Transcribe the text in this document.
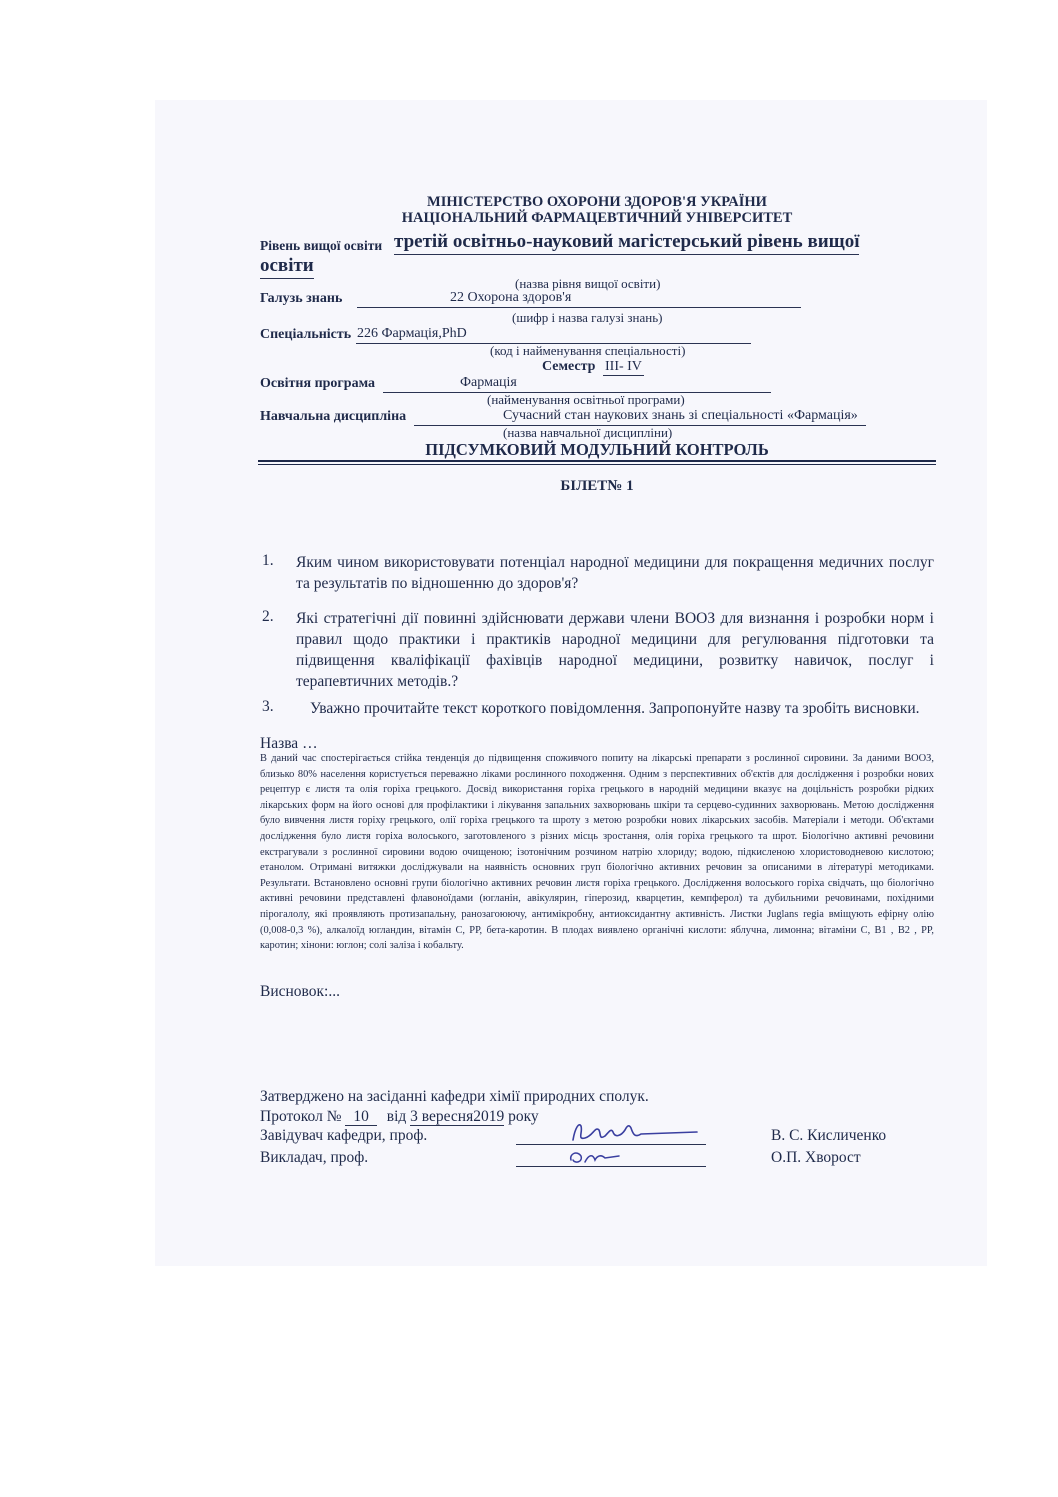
МІНІСТЕРСТВО ОХОРОНИ ЗДОРОВ'Я УКРАЇНИ
НАЦІОНАЛЬНИЙ ФАРМАЦЕВТИЧНИЙ УНІВЕРСИТЕТ
Рівень вищої освіти третій освітньо-науковий магістерський рівень вищої
освіти
(назва рівня вищої освіти)
Галузь знань	22 Охорона здоров'я
(шифр і назва галузі знань)
Спеціальність 226 Фармація,PhD
(код і найменування спеціальності)
Семестр III- IV
Освітня програма	Фармація
(найменування освітньої програми)
Навчальна дисципліна	Сучасний стан наукових знань зі спеціальності «Фармація»
(назва навчальної дисципліни)
ПІДСУМКОВИЙ МОДУЛЬНИЙ КОНТРОЛЬ
БІЛЕТ№ 1
1. Яким чином використовувати потенціал народної медицини для покращення медичних послуг та результатів по відношенню до здоров'я?
2. Які стратегічні дії повинні здійснювати держави члени ВООЗ для визнання і розробки норм і правил щодо практики і практиків народної медицини для регулювання підготовки та підвищення кваліфікації фахівців народної медицини, розвитку навичок, послуг і терапевтичних методів.?
3.	Уважно прочитайте текст короткого повідомлення. Запропонуйте назву та зробіть висновки.
Назва …
В даний час спостерігається стійка тенденція до підвищення споживчого попиту на лікарські препарати з рослинної сировини. За даними ВООЗ, близько 80% населення користується переважно ліками рослинного походження. Одним з перспективних об'єктів для дослідження і розробки нових рецептур є листя та олія горіха грецького. Досвід використання горіха грецького в народній медицини вказує на доцільність розробки рідких лікарських форм на його основі для профілактики і лікування запальних захворювань шкіри та серцево-судинних захворювань. Метою дослідження було вивчення листя горіху грецького, олії горіха грецького та шроту з метою розробки нових лікарських засобів. Матеріали і методи. Об'єктами дослідження було листя горіха волоського, заготовленого з різних місць зростання, олія горіха грецького та шрот. Біологічно активні речовини екстрагували з рослинної сировини водою очищеною; ізотонічним розчином натрію хлориду; водою, підкисленою хлористоводневою кислотою; етанолом. Отримані витяжки досліджували на наявність основних груп біологічно активних речовин за описаними в літературі методиками. Результати. Встановлено основні групи біологічно активних речовин листя горіха грецького. Дослідження волоського горіха свідчать, що біологічно активні речовини представлені флавоноїдами (югланін, авікулярин, гіперозид, кварцетин, кемпферол) та дубильними речовинами, похідними пірогалолу, які проявляють протизапальну, ранозагоюючу, антимікробну, антиоксидантну активність. Листки Juglans regia вміщують ефірну олію (0,008-0,3 %), алкалоїд югландин, вітамін С, РР, бета-каротин. В плодах виявлено органічні кислоти: яблучна, лимонна; вітаміни С, В1 , В2 , РР, каротин; хінони: юглон; солі заліза і кобальту.
Висновок:...
Затверджено на засіданні кафедри хімії природних сполук.
Протокол № 10 від 3 вересня2019 року
Завідувач кафедри, проф.	В. С. Кисличенко
Викладач, проф.	О.П. Хворост
